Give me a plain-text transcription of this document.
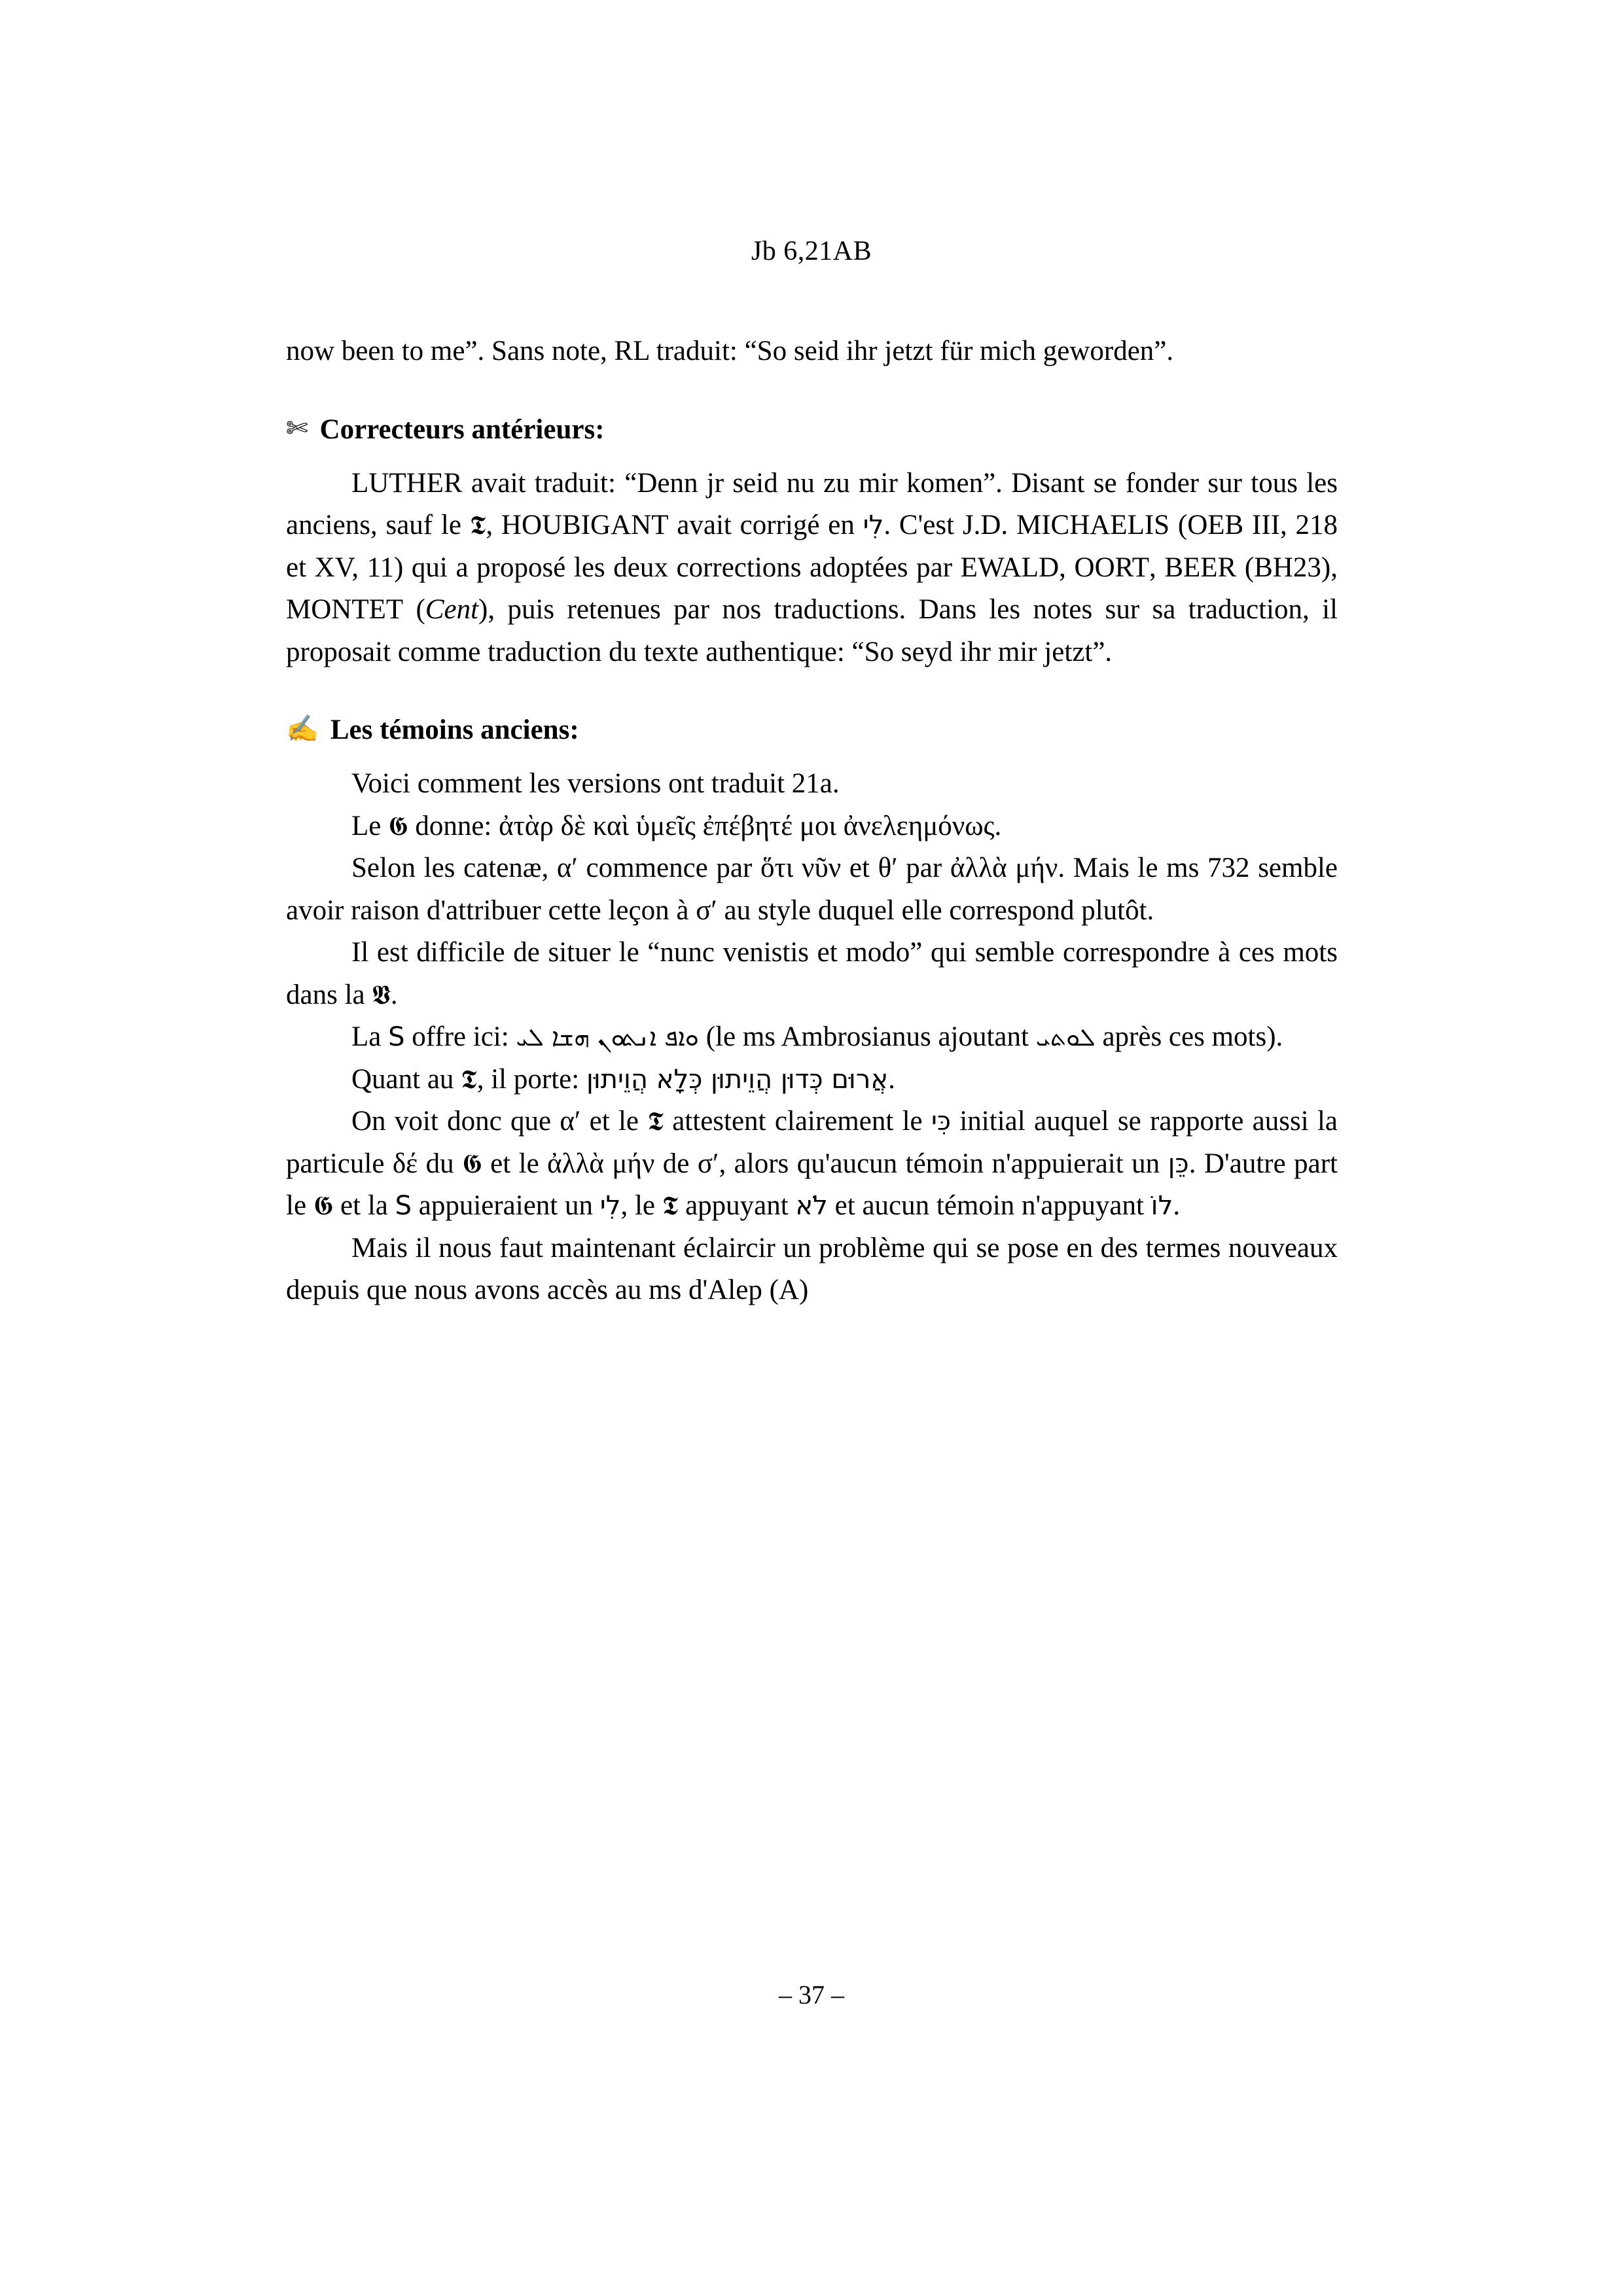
Jb 6,21AB

now been to me”. Sans note, RL traduit: “So seid ihr jetzt für mich geworden”.

✄ Correcteurs antérieurs:

LUTHER avait traduit: “Denn jr seid nu zu mir komen”. Disant se fonder sur tous les anciens, sauf le 𝕿, HOUBIGANT avait corrigé en לִי. C'est J.D. MICHAELIS (OEB III, 218 et XV, 11) qui a proposé les deux corrections adoptées par EWALD, OORT, BEER (BH23), MONTET (Cent), puis retenues par nos traductions. Dans les notes sur sa traduction, il proposait comme traduction du texte authentique: “So seyd ihr mir jetzt”.

✍ Les témoins anciens:

Voici comment les versions ont traduit 21a.

Le 𝕲 donne: ἀτὰρ δὲ καὶ ὑμεῖς ἐπέβητέ μοι ἀνελεημόνως.

Selon les catenæ, α′ commence par ὅτι νῦν et θ′ par ἀλλὰ μήν. Mais le ms 732 semble avoir raison d'attribuer cette leçon à σ′ au style duquel elle correspond plutôt.

Il est difficile de situer le “nunc venistis et modo” qui semble correspondre à ces mots dans la 𝖁.

La 𝖲 offre ici: ܘܐܦ ܐܢܬܘܢ ܗܫܐ ܠܝ (le ms Ambrosianus ajoutant ܠܘܬܝ après ces mots).

Quant au 𝕿, il porte: אֲרוּם כְּדוּן הֲוֵיתוּן כְּלָא הֲוֵיתוּן.

On voit donc que α′ et le 𝕿 attestent clairement le כִּי initial auquel se rapporte aussi la particule δέ du 𝕲 et le ἀλλὰ μήν de σ′, alors qu'aucun témoin n'appuierait un כֵּן. D'autre part le 𝕲 et la 𝖲 appuieraient un לִי, le 𝕿 appuyant לֹא et aucun témoin n'appuyant לוֹ.

Mais il nous faut maintenant éclaircir un problème qui se pose en des termes nouveaux depuis que nous avons accès au ms d'Alep (A)

– 37 –
